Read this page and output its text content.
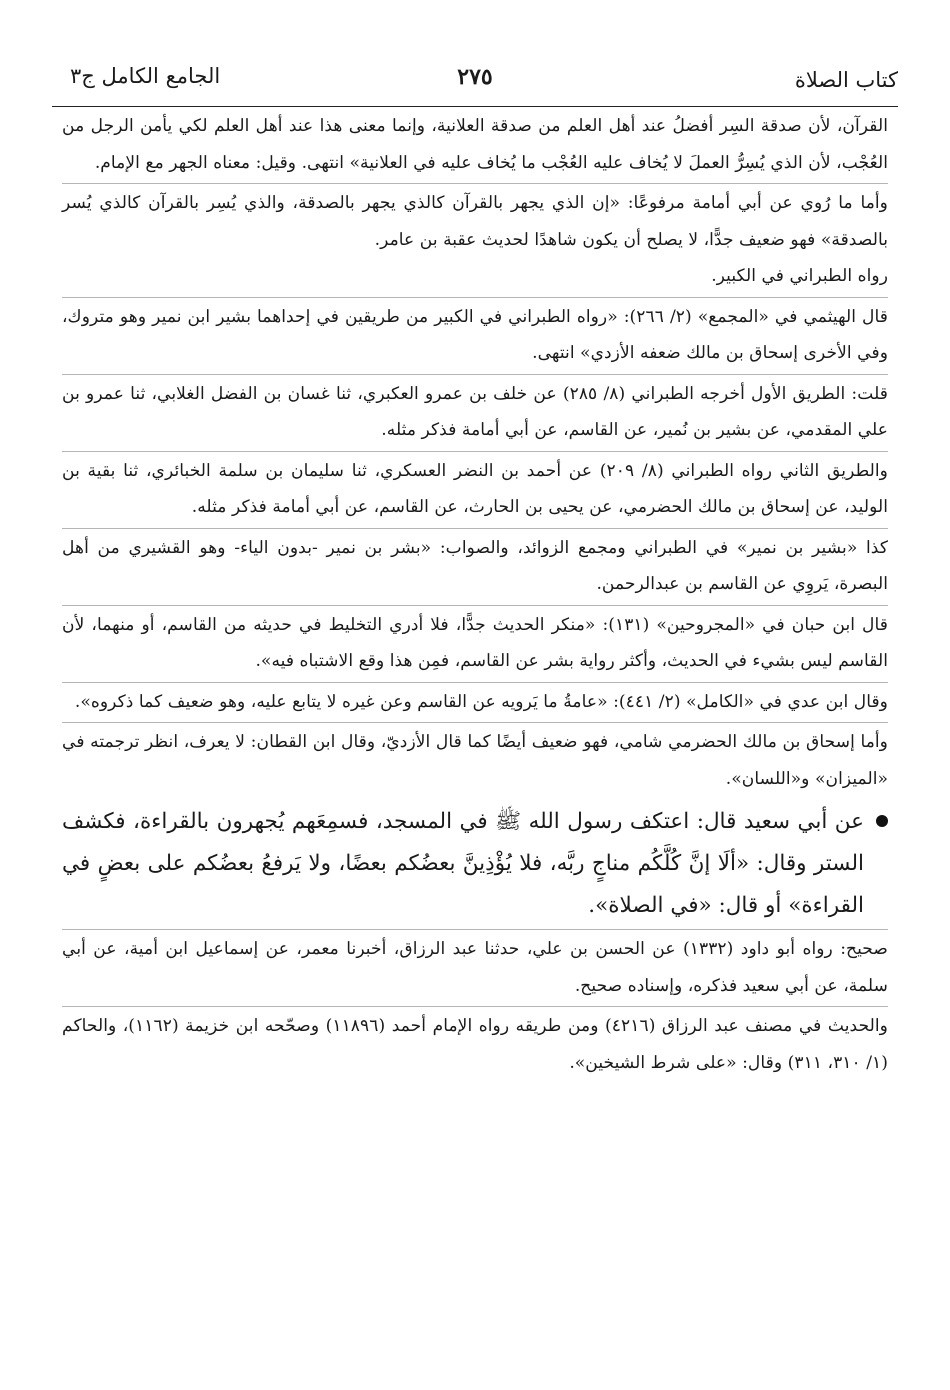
كتاب الصلاة
٢٧٥
الجامع الكامل ج٣

القرآن، لأن صدقة السِر أفضلُ عند أهل العلم من صدقة العلانية، وإنما معنى هذا عند أهل العلم لكي يأمن الرجل من العُجْب، لأن الذي يُسِرُّ العملَ لا يُخاف عليه العُجْب ما يُخاف عليه في العلانية» انتهى. وقيل: معناه الجهر مع الإمام.

وأما ما رُوي عن أبي أمامة مرفوعًا: «إن الذي يجهر بالقرآن كالذي يجهر بالصدقة، والذي يُسِر بالقرآن كالذي يُسر بالصدقة» فهو ضعيف جدًّا، لا يصلح أن يكون شاهدًا لحديث عقبة بن عامر.

رواه الطبراني في الكبير.

قال الهيثمي في «المجمع» (٢/ ٢٦٦): «رواه الطبراني في الكبير من طريقين في إحداهما بشير ابن نمير وهو متروك، وفي الأخرى إسحاق بن مالك ضعفه الأزدي» انتهى.

قلت: الطريق الأول أخرجه الطبراني (٨/ ٢٨٥) عن خلف بن عمرو العكبري، ثنا غسان بن الفضل الغلابي، ثنا عمرو بن علي المقدمي، عن بشير بن نُمير، عن القاسم، عن أبي أمامة فذكر مثله.

والطريق الثاني رواه الطبراني (٨/ ٢٠٩) عن أحمد بن النضر العسكري، ثنا سليمان بن سلمة الخبائري، ثنا بقية بن الوليد، عن إسحاق بن مالك الحضرمي، عن يحيى بن الحارث، عن القاسم، عن أبي أمامة فذكر مثله.

كذا «بشير بن نمير» في الطبراني ومجمع الزوائد، والصواب: «بشر بن نمير -بدون الياء- وهو القشيري من أهل البصرة، يَروِي عن القاسم بن عبدالرحمن.

قال ابن حبان في «المجروحين» (١٣١): «منكر الحديث جدًّا، فلا أدري التخليط في حديثه من القاسم، أو منهما، لأن القاسم ليس بشيء في الحديث، وأكثر رواية بشر عن القاسم، فمِن هذا وقع الاشتباه فيه».

وقال ابن عدي في «الكامل» (٢/ ٤٤١): «عامةُ ما يَرويه عن القاسم وعن غيره لا يتابع عليه، وهو ضعيف كما ذكروه».

وأما إسحاق بن مالك الحضرمي شامي، فهو ضعيف أيضًا كما قال الأزديّ، وقال ابن القطان: لا يعرف، انظر ترجمته في «الميزان» و«اللسان».

عن أبي سعيد قال: اعتكف رسول الله ﷺ في المسجد، فسمِعَهم يُجهرون بالقراءة، فكشف الستر وقال: «ألَا إنَّ كُلَّكُم مناجٍ ربَّه، فلا يُؤْذِينَّ بعضُكم بعضًا، ولا يَرفعُ بعضُكم على بعضٍ في القراءة» أو قال: «في الصلاة».

صحيح: رواه أبو داود (١٣٣٢) عن الحسن بن علي، حدثنا عبد الرزاق، أخبرنا معمر، عن إسماعيل ابن أمية، عن أبي سلمة، عن أبي سعيد فذكره، وإسناده صحيح.

والحديث في مصنف عبد الرزاق (٤٢١٦) ومن طريقه رواه الإمام أحمد (١١٨٩٦) وصحّحه ابن خزيمة (١١٦٢)، والحاكم (١/ ٣١٠، ٣١١) وقال: «على شرط الشيخين».
